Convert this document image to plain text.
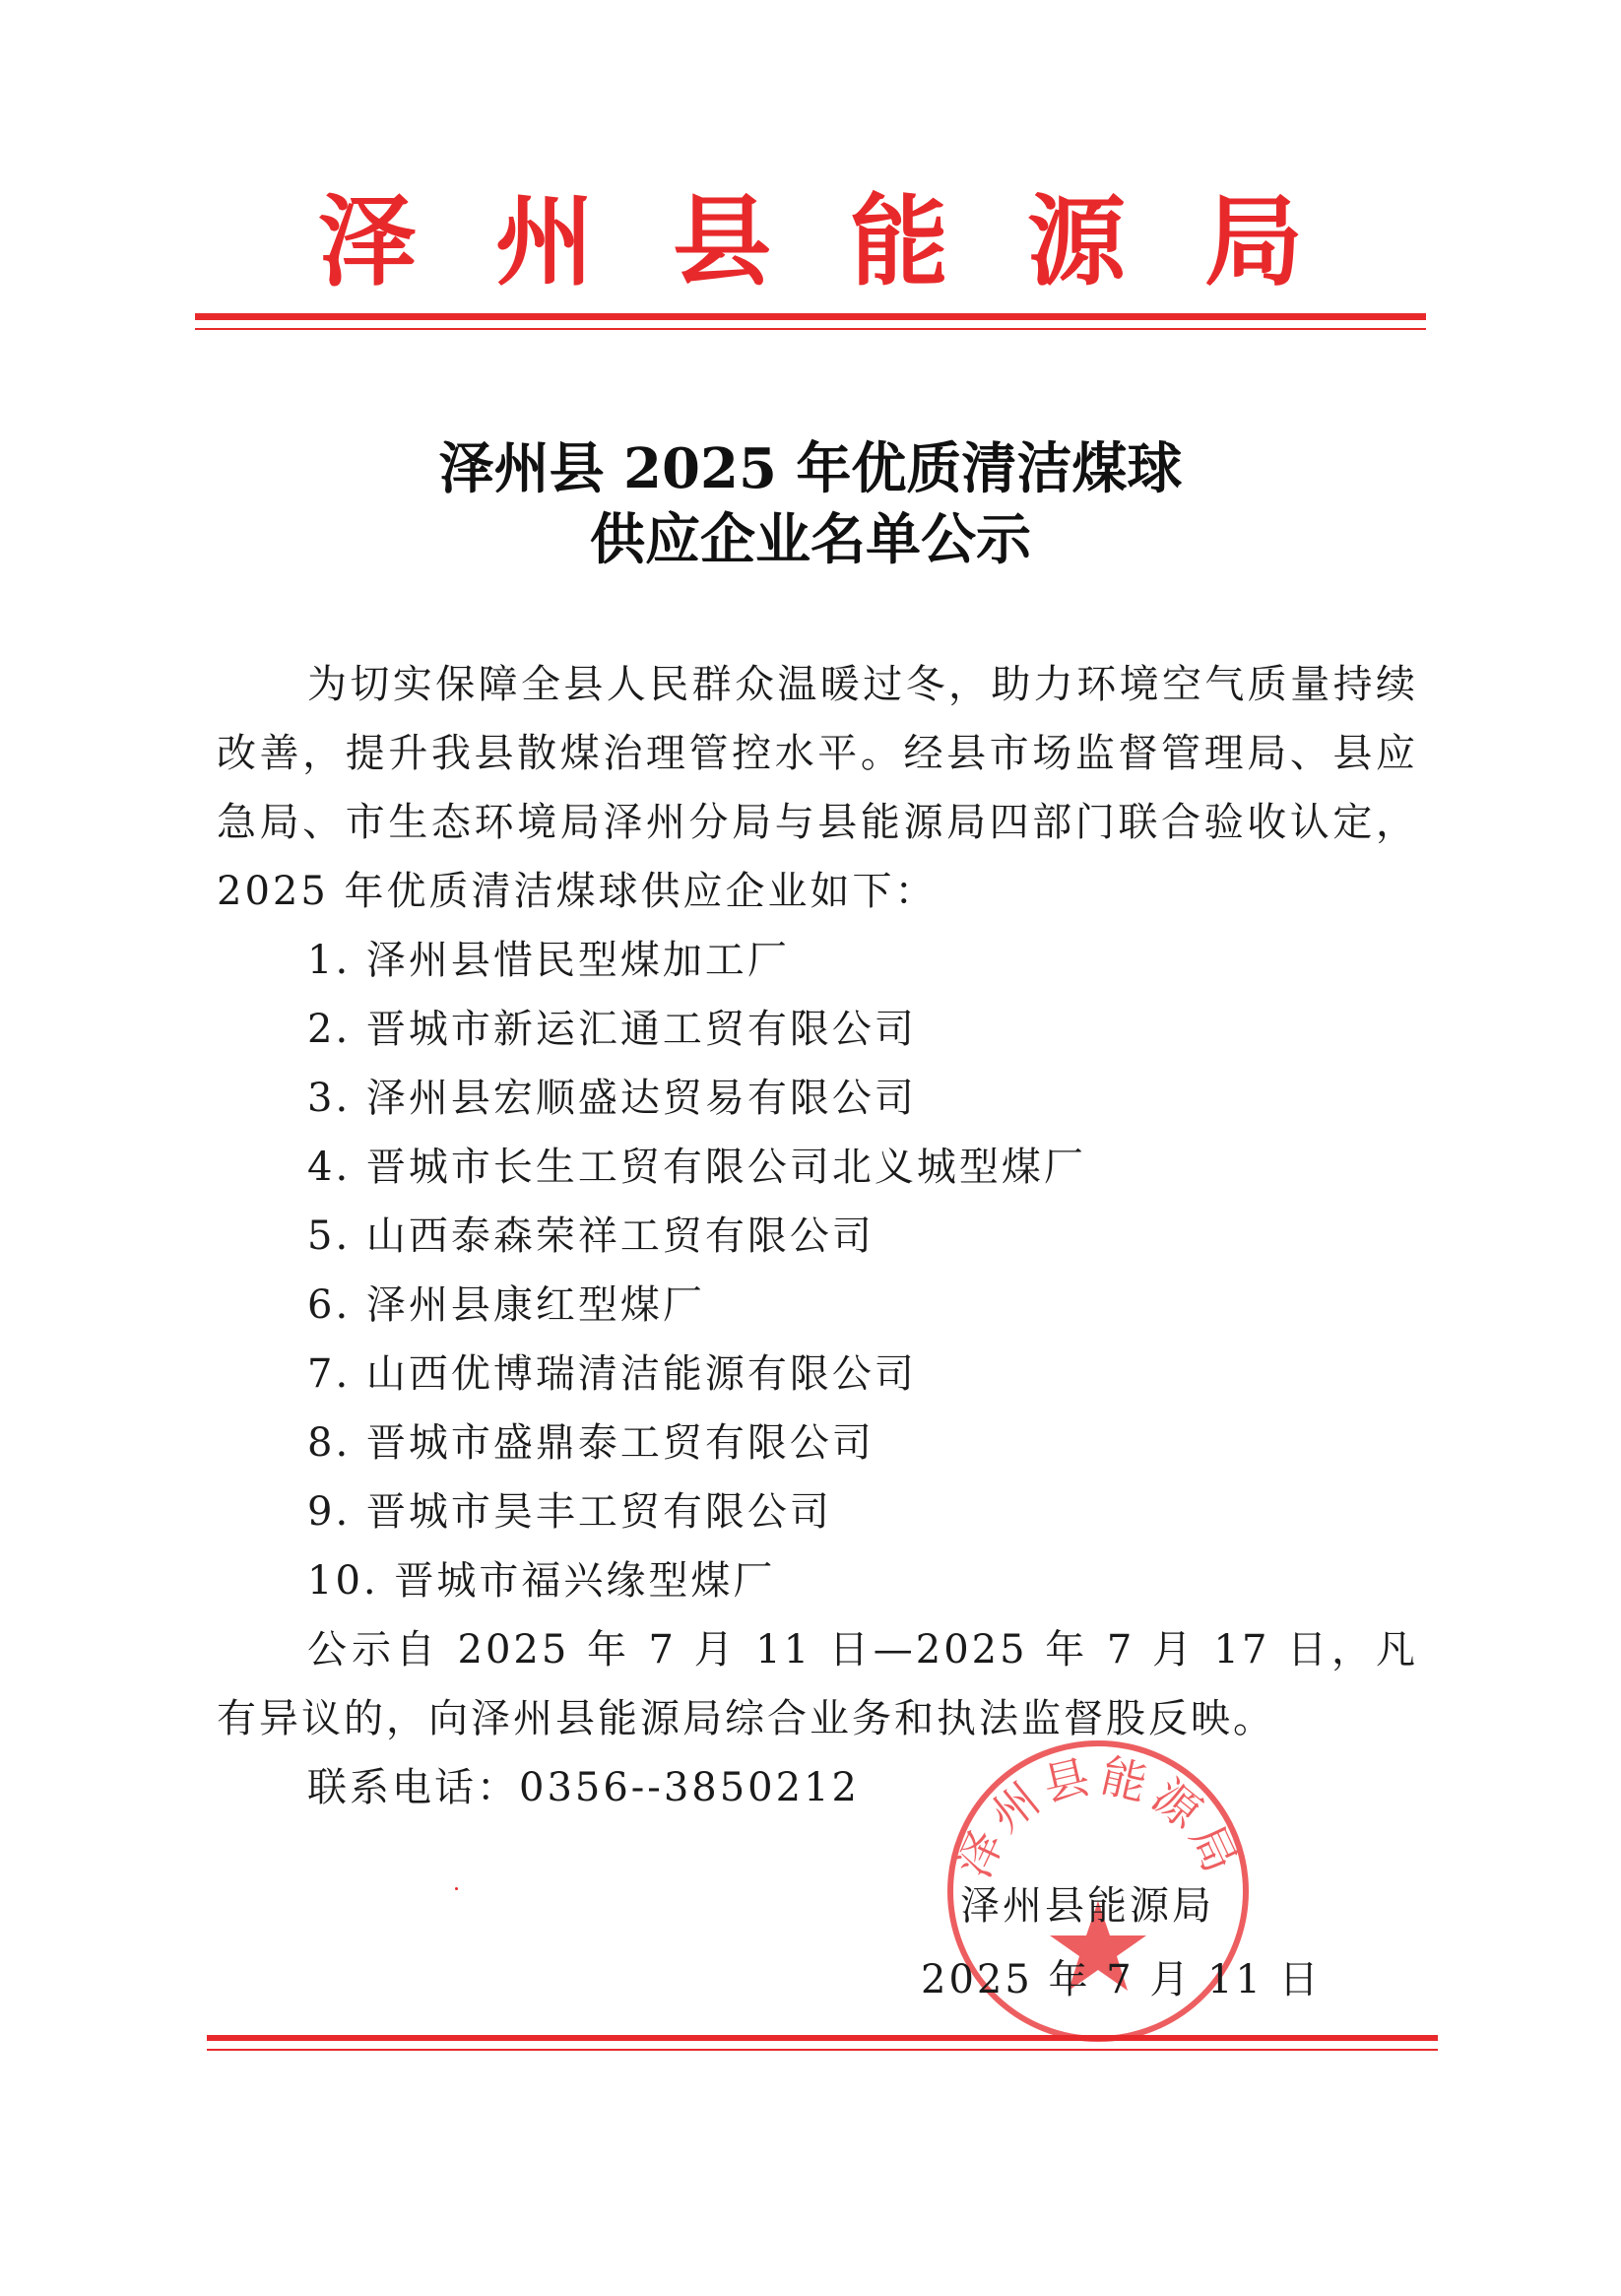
泽州县能源局
泽州县 2025 年优质清洁煤球
供应企业名单公示

为切实保障全县人民群众温暖过冬，助力环境空气质量持续改善，提升我县散煤治理管控水平。经县市场监督管理局、县应急局、市生态环境局泽州分局与县能源局四部门联合验收认定，2025 年优质清洁煤球供应企业如下：

1. 泽州县惜民型煤加工厂
2. 晋城市新运汇通工贸有限公司
3. 泽州县宏顺盛达贸易有限公司
4. 晋城市长生工贸有限公司北义城型煤厂
5. 山西泰森荣祥工贸有限公司
6. 泽州县康红型煤厂
7. 山西优博瑞清洁能源有限公司
8. 晋城市盛鼎泰工贸有限公司
9. 晋城市昊丰工贸有限公司
10. 晋城市福兴缘型煤厂

公示自 2025 年 7 月 11 日—2025 年 7 月 17 日，凡有异议的，向泽州县能源局综合业务和执法监督股反映。

联系电话：0356--3850212

泽州县能源局
泽州县能源局
2025 年 7 月 11 日
